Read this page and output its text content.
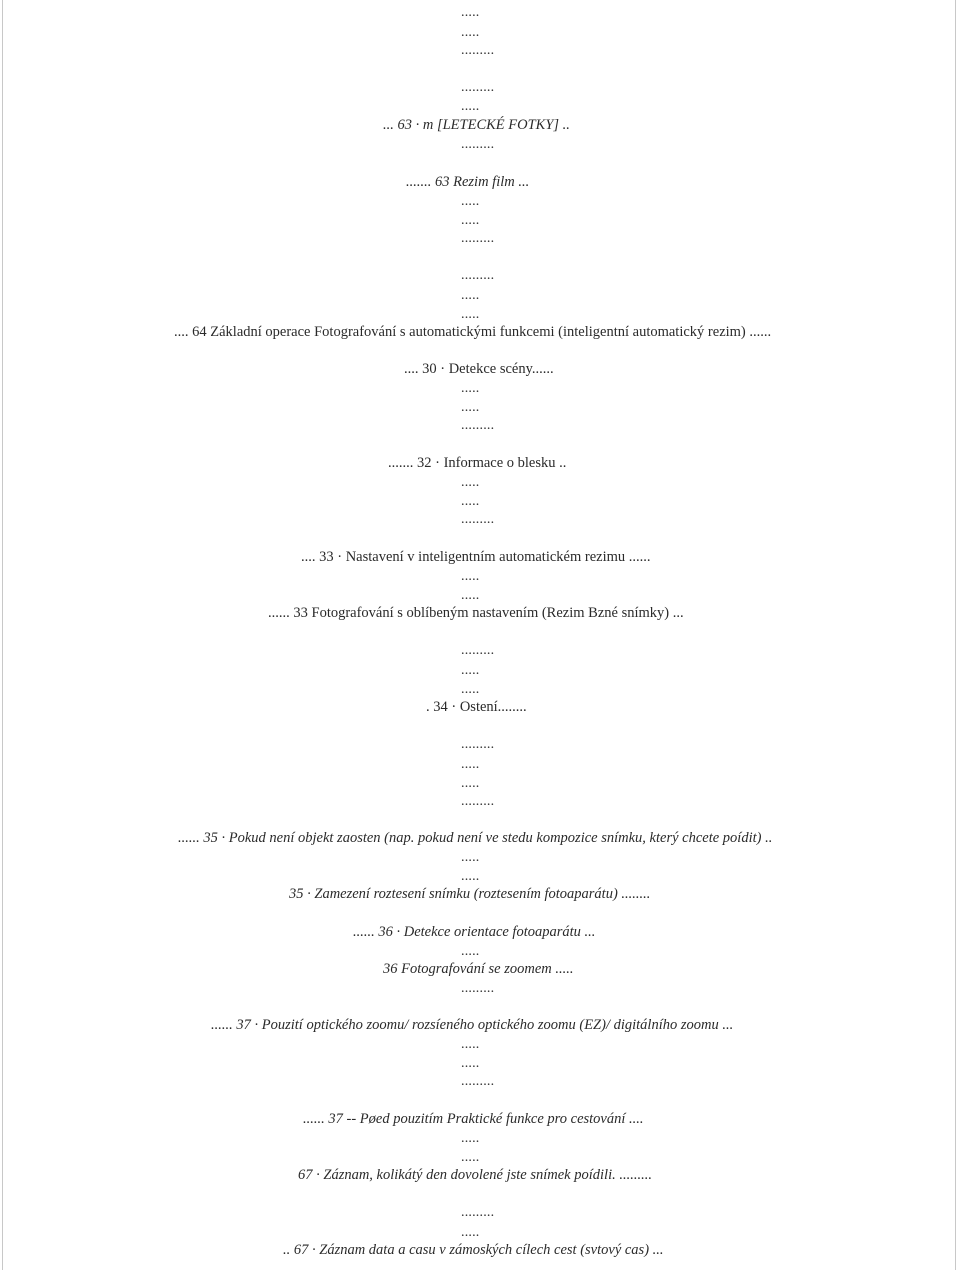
.....
.....
.........
.........
.....
... 63 · m [LETECKÉ FOTKY] ..
.........
....... 63 Rezim film ...
.....
.....
.........
.........
.....
.....
.... 64 Základní operace Fotografování s automatickými funkcemi (inteligentní automatický rezim) ......
.... 30 · Detekce scény......
.....
.....
.........
....... 32 · Informace o blesku ..
.....
.....
.........
.... 33 · Nastavení v inteligentním automatickém rezimu ......
.....
.....
...... 33 Fotografování s oblíbeným nastavením (Rezim Bzné snímky) ...
.........
.....
.....
. 34 · Ostení........
.........
.....
.....
.........
...... 35 · Pokud není objekt zaosten (nap. pokud není ve stedu kompozice snímku, který chcete poídit) ..
.....
.....
35 · Zamezení roztesení snímku (roztesením fotoaparátu) ........
...... 36 · Detekce orientace fotoaparátu ...
.....
36 Fotografování se zoomem .....
.........
...... 37 · Pouzití optického zoomu/ rozsíeného optického zoomu (EZ)/ digitálního zoomu ...
.....
.....
.........
...... 37 -- Pøed pouzitím Praktické funkce pro cestování ....
.....
.....
67 · Záznam, kolikátý den dovolené jste snímek poídili. .........
.........
.....
.. 67 · Záznam data a casu v zámoských cílech cest (svtový cas) ...
